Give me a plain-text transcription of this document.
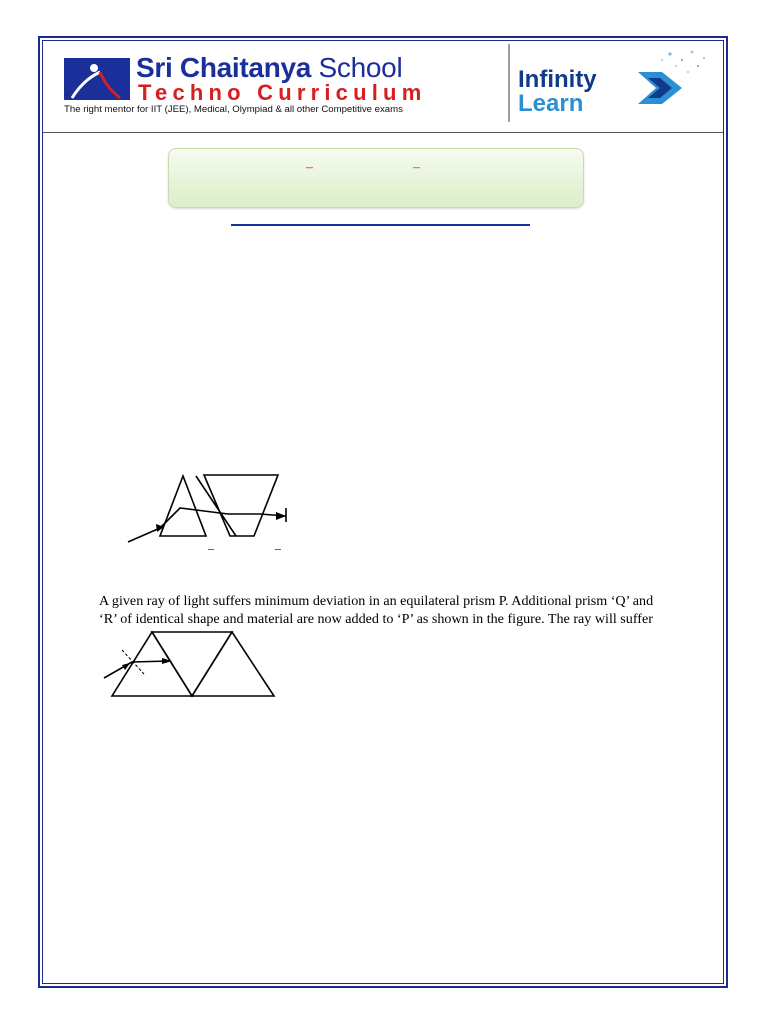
Sri Chaitanya School
Techno Curriculum
The right mentor for IIT (JEE), Medical, Olympiad & all other Competitive exams
Infinity
Learn
–	–
–	–

A given ray of light suffers minimum deviation in an equilateral prism P. Additional prism ‘Q’ and

‘R’ of identical shape and material are now added to ‘P’ as shown in the figure. The ray will suffer
